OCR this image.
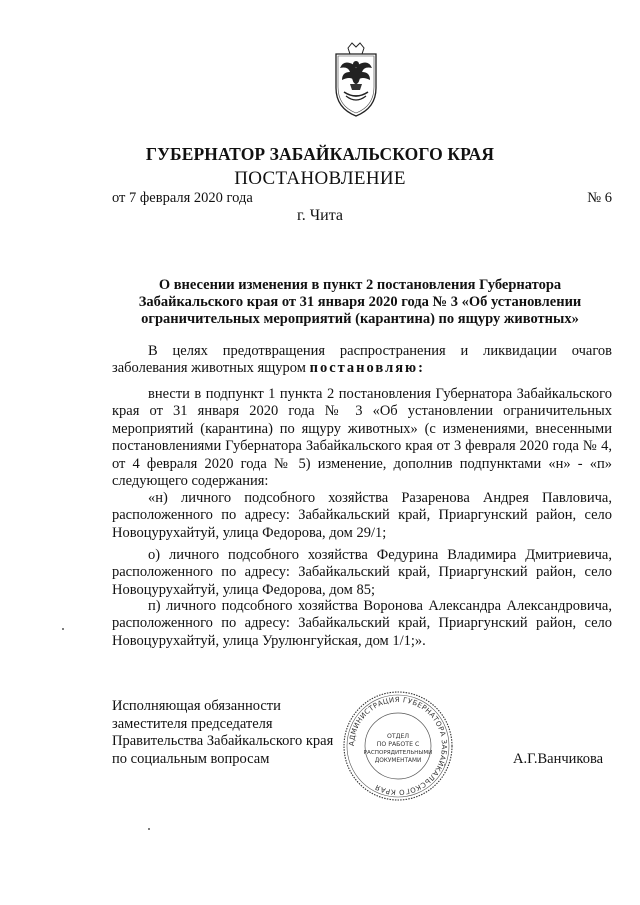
ГУБЕРНАТОР ЗАБАЙКАЛЬСКОГО КРАЯ
ПОСТАНОВЛЕНИЕ
от 7 февраля 2020 года	№ 6
г. Чита
О внесении изменения в пункт 2 постановления Губернатора Забайкальского края от 31 января 2020 года № 3 «Об установлении ограничительных мероприятий (карантина) по ящуру животных»

В целях предотвращения распространения и ликвидации очагов заболевания животных ящуром постановляю:

внести в подпункт 1 пункта 2 постановления Губернатора Забайкальского края от 31 января 2020 года № 3 «Об установлении ограничительных мероприятий (карантина) по ящуру животных» (с изменениями, внесенными постановлениями Губернатора Забайкальского края от 3 февраля 2020 года № 4, от 4 февраля 2020 года № 5) изменение, дополнив подпунктами «н» - «п» следующего содержания:

«н) личного подсобного хозяйства Разаренова Андрея Павловича, расположенного по адресу: Забайкальский край, Приаргунский район, село Новоцурухайтуй, улица Федорова, дом 29/1;

о) личного подсобного хозяйства Федурина Владимира Дмитриевича, расположенного по адресу: Забайкальский край, Приаргунский район, село Новоцурухайтуй, улица Федорова, дом 85;

п) личного подсобного хозяйства Воронова Александра Александровича, расположенного по адресу: Забайкальский край, Приаргунский район, село Новоцурухайтуй, улица Урулюнгуйская, дом 1/1;».

Исполняющая обязанности
заместителя председателя
Правительства Забайкальского края
по социальным вопросам
АДМИНИСТРАЦИЯ ГУБЕРНАТОРА ЗАБАЙКАЛЬСКОГО КРАЯ
ОТДЕЛ
ПО РАБОТЕ С
РАСПОРЯДИТЕЛЬНЫМИ
ДОКУМЕНТАМИ	А.Г.Ванчикова
